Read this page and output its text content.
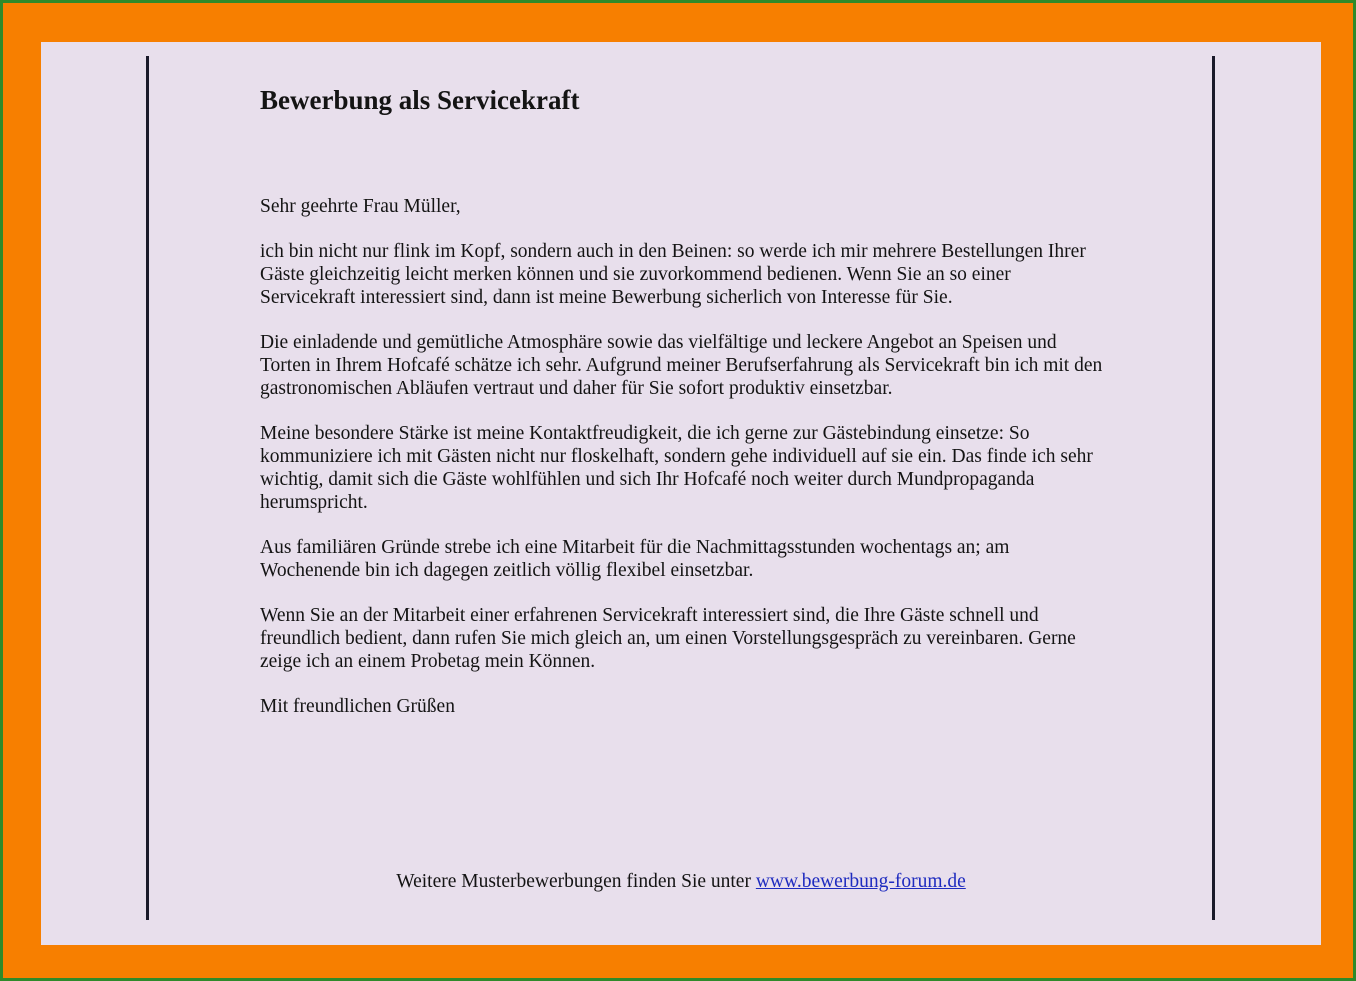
Bewerbung als Servicekraft

Sehr geehrte Frau Müller,

ich bin nicht nur flink im Kopf, sondern auch in den Beinen: so werde ich mir mehrere Bestellungen Ihrer Gäste gleichzeitig leicht merken können und sie zuvorkommend bedienen. Wenn Sie an so einer Servicekraft interessiert sind, dann ist meine Bewerbung sicherlich von Interesse für Sie.

Die einladende und gemütliche Atmosphäre sowie das vielfältige und leckere Angebot an Speisen und Torten in Ihrem Hofcafé schätze ich sehr. Aufgrund meiner Berufserfahrung als Servicekraft bin ich mit den gastronomischen Abläufen vertraut und daher für Sie sofort produktiv einsetzbar.

Meine besondere Stärke ist meine Kontaktfreudigkeit, die ich gerne zur Gästebindung einsetze: So kommuniziere ich mit Gästen nicht nur floskelhaft, sondern gehe individuell auf sie ein. Das finde ich sehr wichtig, damit sich die Gäste wohlfühlen und sich Ihr Hofcafé noch weiter durch Mundpropaganda herumspricht.

Aus familiären Gründe strebe ich eine Mitarbeit für die Nachmittagsstunden wochentags an; am Wochenende bin ich dagegen zeitlich völlig flexibel einsetzbar.

Wenn Sie an der Mitarbeit einer erfahrenen Servicekraft interessiert sind, die Ihre Gäste schnell und freundlich bedient, dann rufen Sie mich gleich an, um einen Vorstellungsgespräch zu vereinbaren. Gerne zeige ich an einem Probetag mein Können.

Mit freundlichen Grüßen

Weitere Musterbewerbungen finden Sie unter www.bewerbung-forum.de
